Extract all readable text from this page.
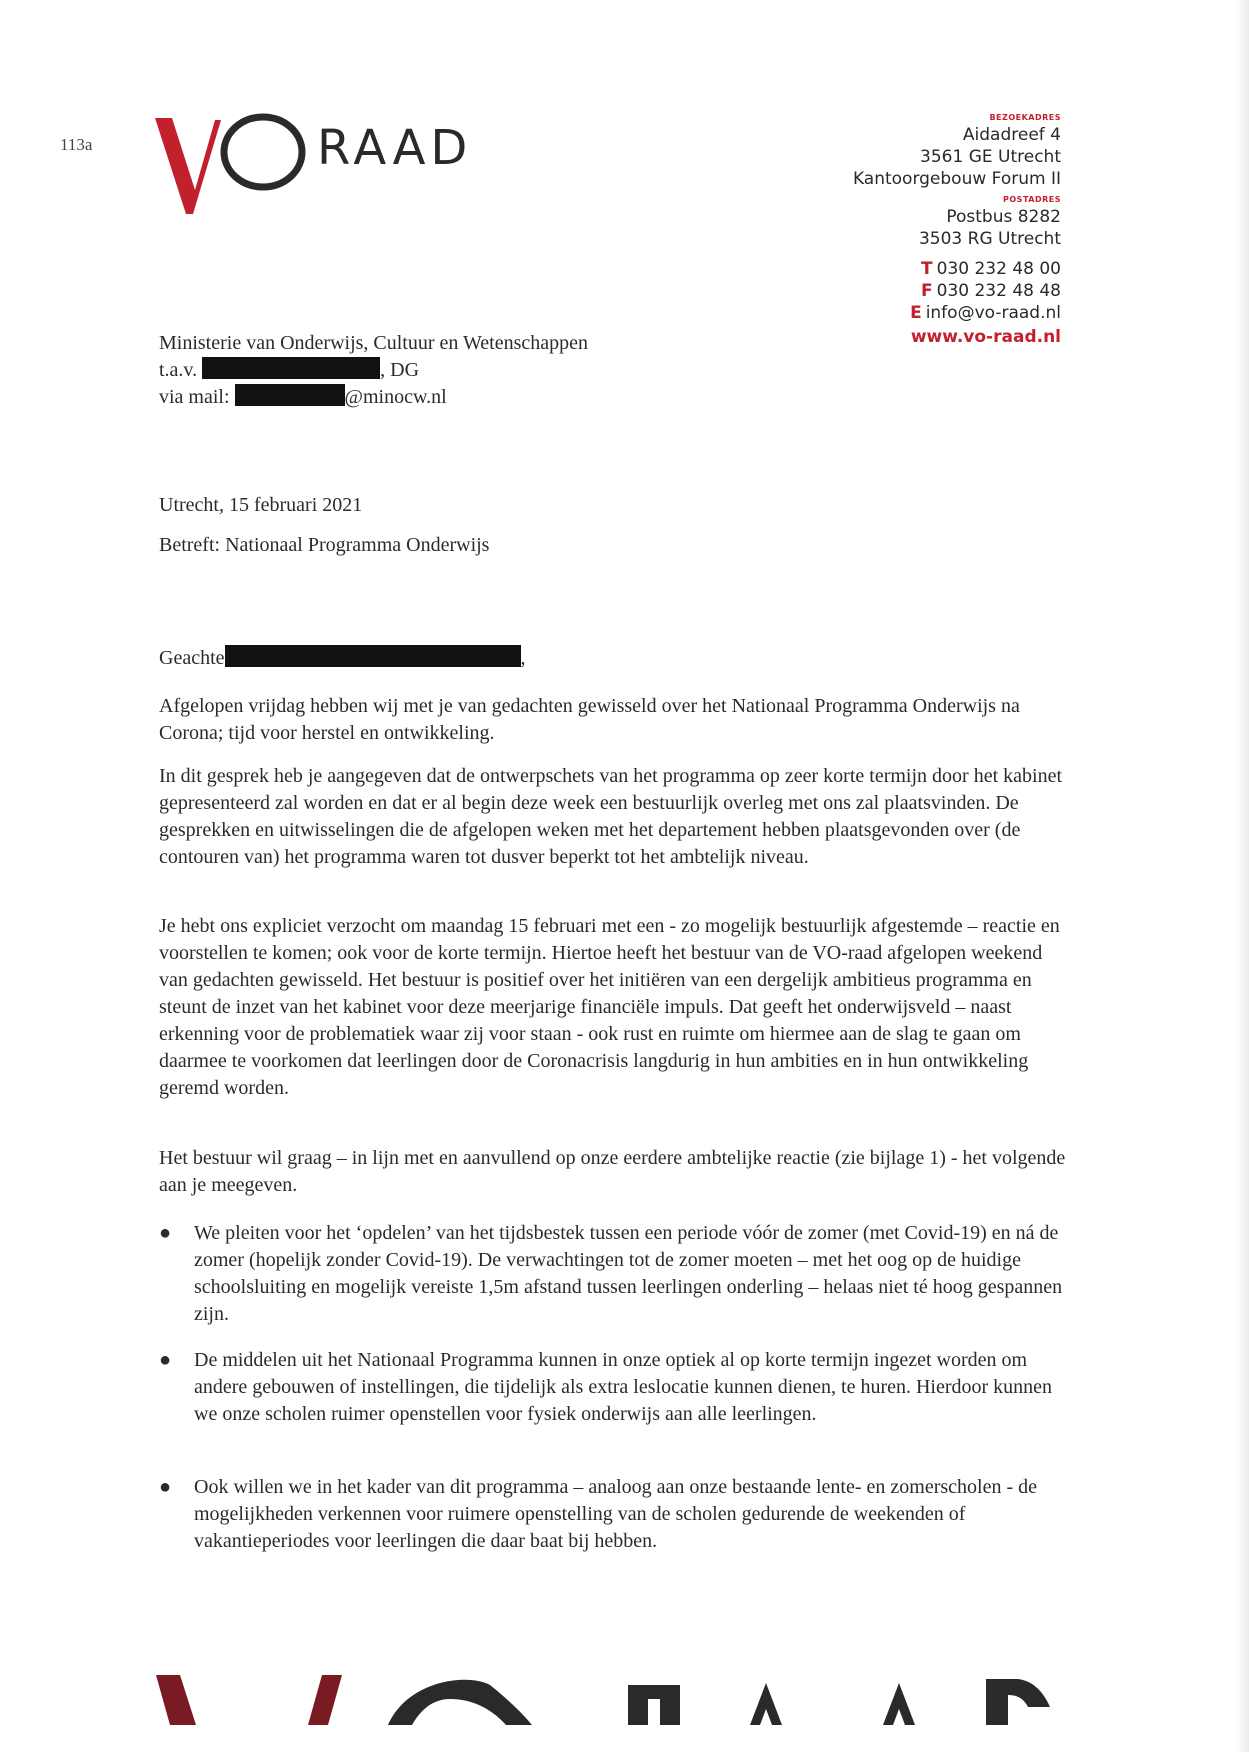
113a	RAAD
BEZOEKADRES
Aidadreef 4
3561 GE Utrecht
Kantoorgebouw Forum II
POSTADRES
Postbus 8282
3503 RG Utrecht
T 030 232 48 00
F 030 232 48 48
E info@vo-raad.nl
www.vo-raad.nl

Ministerie van Onderwijs, Cultuur en Wetenschappen

t.a.v.	, DG

via mail:	@minocw.nl

Utrecht, 15 februari 2021
Betreft: Nationaal Programma Onderwijs
Geachte	,
Afgelopen vrijdag hebben wij met je van gedachten gewisseld over het Nationaal Programma Onderwijs na Corona; tijd voor herstel en ontwikkeling.
In dit gesprek heb je aangegeven dat de ontwerpschets van het programma op zeer korte termijn door het kabinet gepresenteerd zal worden en dat er al begin deze week een bestuurlijk overleg met ons zal plaatsvinden. De gesprekken en uitwisselingen die de afgelopen weken met het departement hebben plaatsgevonden over (de contouren van) het programma waren tot dusver beperkt tot het ambtelijk niveau.
Je hebt ons expliciet verzocht om maandag 15 februari met een - zo mogelijk bestuurlijk afgestemde – reactie en voorstellen te komen; ook voor de korte termijn. Hiertoe heeft het bestuur van de VO-raad afgelopen weekend van gedachten gewisseld. Het bestuur is positief over het initiëren van een dergelijk ambitieus programma en steunt de inzet van het kabinet voor deze meerjarige financiële impuls. Dat geeft het onderwijsveld – naast erkenning voor de problematiek waar zij voor staan - ook rust en ruimte om hiermee aan de slag te gaan om daarmee te voorkomen dat leerlingen door de Coronacrisis langdurig in hun ambities en in hun ontwikkeling geremd worden.
Het bestuur wil graag – in lijn met en aanvullend op onze eerdere ambtelijke reactie (zie bijlage 1) - het volgende aan je meegeven.
● We pleiten voor het ‘opdelen’ van het tijdsbestek tussen een periode vóór de zomer (met Covid-19) en ná de zomer (hopelijk zonder Covid-19). De verwachtingen tot de zomer moeten – met het oog op de huidige schoolsluiting en mogelijk vereiste 1,5m afstand tussen leerlingen onderling – helaas niet té hoog gespannen zijn.
● De middelen uit het Nationaal Programma kunnen in onze optiek al op korte termijn ingezet worden om andere gebouwen of instellingen, die tijdelijk als extra leslocatie kunnen dienen, te huren. Hierdoor kunnen we onze scholen ruimer openstellen voor fysiek onderwijs aan alle leerlingen.
● Ook willen we in het kader van dit programma – analoog aan onze bestaande lente- en zomerscholen - de mogelijkheden verkennen voor ruimere openstelling van de scholen gedurende de weekenden of vakantieperiodes voor leerlingen die daar baat bij hebben.
